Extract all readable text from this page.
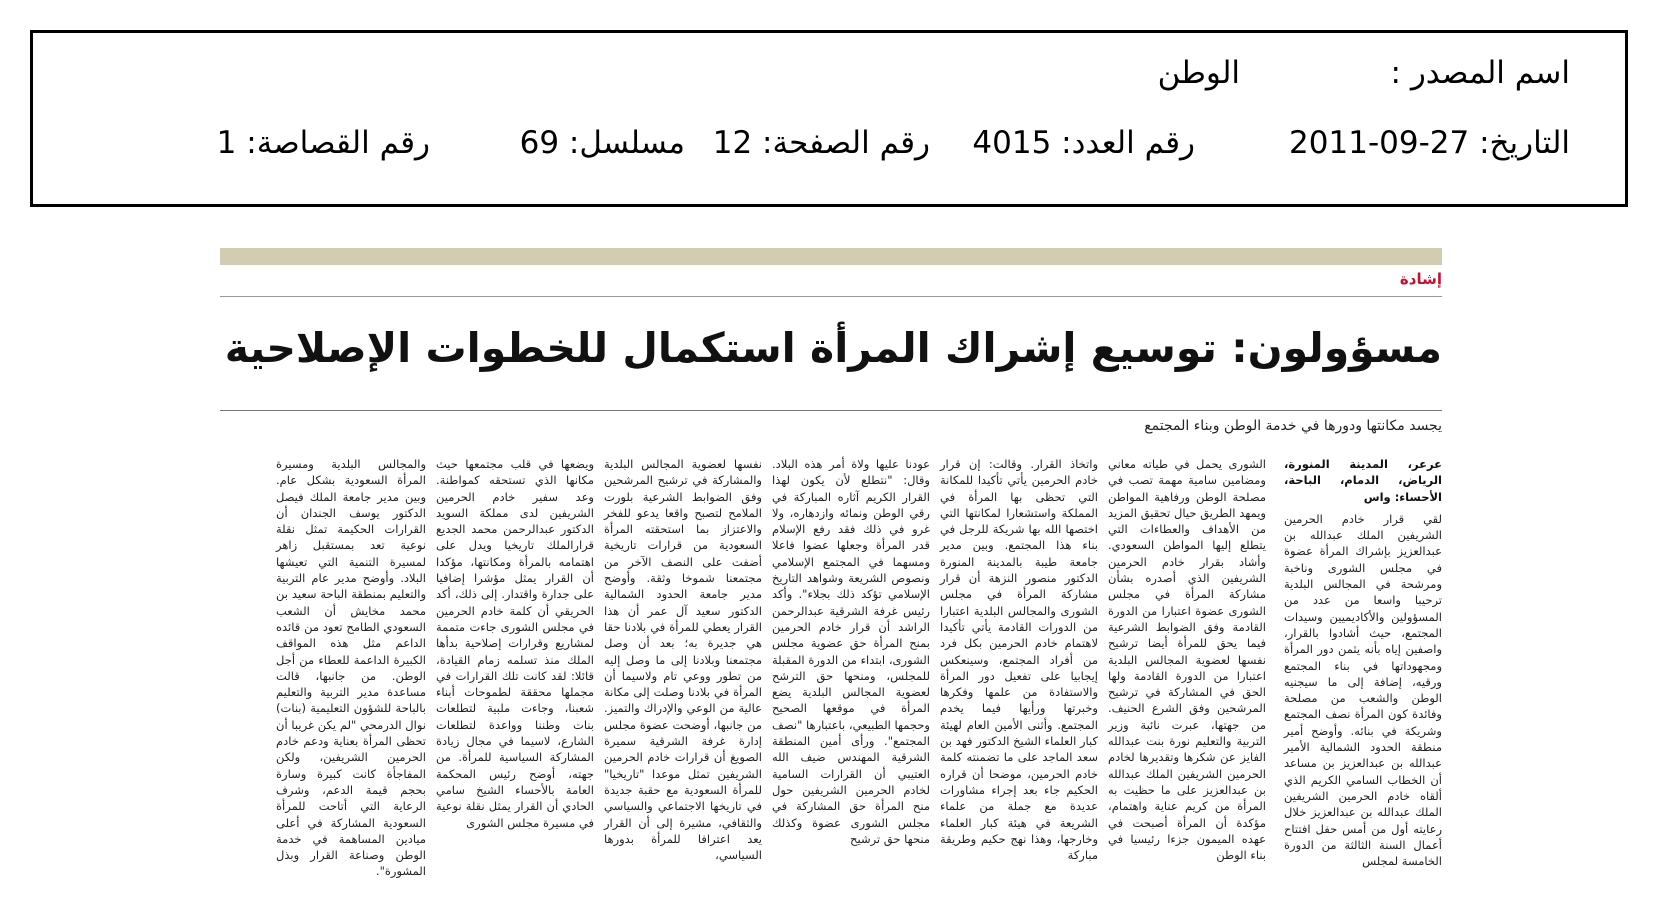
اسم المصدر :
الوطن
التاريخ: 27-09-2011
رقم العدد: 4015
رقم الصفحة: 12
مسلسل: 69
رقم القصاصة: 1
إشادة
مسؤولون: توسيع إشراك المرأة استكمال للخطوات الإصلاحية
يجسد مكانتها ودورها في خدمة الوطن وبناء المجتمع
عرعر، المدينة المنورة، الرياض، الدمام، الباحة، الأحساء: واس
لقي قرار خادم الحرمين الشريفين الملك عبدالله بن عبدالعزيز بإشراك المرأة عضوة في مجلس الشورى وناخبة ومرشحة في المجالس البلدية ترحيبا واسعا من عدد من المسؤولين والأكاديميين وسيدات المجتمع، حيث أشادوا بالقرار، واصفين إياه بأنه يثمن دور المرأة ومجهوداتها في بناء المجتمع ورقيه، إضافة إلى ما سيجنيه الوطن والشعب من مصلحة وفائدة كون المرأة نصف المجتمع وشريكة في بنائه. وأوضح أمير منطقة الحدود الشمالية الأمير عبدالله بن عبدالعزيز بن مساعد أن الخطاب السامي الكريم الذي ألقاه خادم الحرمين الشريفين الملك عبدالله بن عبدالعزيز خلال رعايته أول من أمس حفل افتتاح أعمال السنة الثالثة من الدورة الخامسة لمجلس
الشورى يحمل في طياته معاني ومضامين سامية مهمة تصب في مصلحة الوطن ورفاهية المواطن ويمهد الطريق حيال تحقيق المزيد من الأهداف والعطاءات التي يتطلع إليها المواطن السعودي. وأشاد بقرار خادم الحرمين الشريفين الذي أصدره بشأن مشاركة المرأة في مجلس الشورى عضوة اعتبارا من الدورة القادمة وفق الضوابط الشرعية فيما يحق للمرأة أيضا ترشيح نفسها لعضوية المجالس البلدية اعتبارا من الدورة القادمة ولها الحق في المشاركة في ترشيح المرشحين وفق الشرع الحنيف. من جهتها، عبرت نائبة وزير التربية والتعليم نورة بنت عبدالله الفايز عن شكرها وتقديرها لخادم الحرمين الشريفين الملك عبدالله بن عبدالعزيز على ما حظيت به المرأة من كريم عناية واهتمام، مؤكدة أن المرأة أصبحت في عهده الميمون جزءا رئيسيا في بناء الوطن
واتخاذ القرار. وقالت: إن قرار خادم الحرمين يأتي تأكيدا للمكانة التي تحظى بها المرأة في المملكة واستشعارا لمكانتها التي اختصها الله بها شريكة للرجل في بناء هذا المجتمع. وبين مدير جامعة طيبة بالمدينة المنورة الدكتور منصور النزهة أن قرار مشاركة المرأة في مجلس الشورى والمجالس البلدية اعتبارا من الدورات القادمة يأتي تأكيدا لاهتمام خادم الحرمين بكل فرد من أفراد المجتمع، وسينعكس إيجابيا على تفعيل دور المرأة والاستفادة من علمها وفكرها وخبرتها ورأيها فيما يخدم المجتمع. وأثنى الأمين العام لهيئة كبار العلماء الشيخ الدكتور فهد بن سعد الماجد على ما تضمنته كلمة خادم الحرمين، موضحا أن قراره الحكيم جاء بعد إجراء مشاورات عديدة مع جملة من علماء الشريعة في هيئة كبار العلماء وخارجها، وهذا نهج حكيم وطريقة مباركة
عودنا عليها ولاة أمر هذه البلاد. وقال: "نتطلع لأن يكون لهذا القرار الكريم آثاره المباركة في رقي الوطن ونمائه وازدهاره، ولا غرو في ذلك فقد رفع الإسلام قدر المرأة وجعلها عضوا فاعلا ومسهما في المجتمع الإسلامي ونصوص الشريعة وشواهد التاريخ الإسلامي تؤكد ذلك بجلاء". وأكد رئيس غرفة الشرقية عبدالرحمن الراشد أن قرار خادم الحرمين بمنح المرأة حق عضوية مجلس الشورى، ابتداء من الدورة المقبلة للمجلس، ومنحها حق الترشح لعضوية المجالس البلدية يضع المرأة في موقعها الصحيح وحجمها الطبيعي، باعتبارها "نصف المجتمع". ورأى أمين المنطقة الشرقية المهندس ضيف الله العتيبي أن القرارات السامية لخادم الحرمين الشريفين حول منح المرأة حق المشاركة في مجلس الشورى عضوة وكذلك منحها حق ترشيح
نفسها لعضوية المجالس البلدية والمشاركة في ترشيح المرشحين وفق الضوابط الشرعية بلورت الملامح لتصبح واقعا يدعو للفخر والاعتزاز بما استحقته المرأة السعودية من قرارات تاريخية أضفت على النصف الآخر من مجتمعنا شموخا وثقة. وأوضح مدير جامعة الحدود الشمالية الدكتور سعيد آل عمر أن هذا القرار يعطي للمرأة في بلادنا حقا هي جديرة به؛ بعد أن وصل مجتمعنا وبلادنا إلى ما وصل إليه من تطور ووعي تام ولاسيما أن المرأة في بلادنا وصلت إلى مكانة عالية من الوعي والإدراك والتميز. من جانبها، أوضحت عضوة مجلس إدارة غرفة الشرقية سميرة الصويغ أن قرارات خادم الحرمين الشريفين تمثل موعدا "تاريخيا" للمرأة السعودية مع حقبة جديدة في تاريخها الاجتماعي والسياسي والثقافي، مشيرة إلى أن القرار يعد اعترافا للمرأة بدورها السياسي،
ويضعها في قلب مجتمعها حيث مكانها الذي تستحقه كمواطنة. وعد سفير خادم الحرمين الشريفين لدى مملكة السويد الدكتور عبدالرحمن محمد الجديع قرارالملك تاريخيا ويدل على اهتمامه بالمرأة ومكانتها، مؤكدا أن القرار يمثل مؤشرا إضافيا على جدارة واقتدار. إلى ذلك، أكد الحريقي أن كلمة خادم الحرمين في مجلس الشورى جاءت متممة لمشاريع وقرارات إصلاحية بدأها الملك منذ تسلمه زمام القيادة، قائلا: لقد كانت تلك القرارات في مجملها محققة لطموحات أبناء شعبنا، وجاءت ملبية لتطلعات بنات وطننا وواعدة لتطلعات الشارع، لاسيما في مجال زيادة المشاركة السياسية للمرأة. من جهته، أوضح رئيس المحكمة العامة بالأحساء الشيخ سامي الحادي أن القرار يمثل نقلة نوعية في مسيرة مجلس الشورى
والمجالس البلدية ومسيرة المرأة السعودية بشكل عام. وبين مدير جامعة الملك فيصل الدكتور يوسف الجندان أن القرارات الحكيمة تمثل نقلة نوعية تعد بمستقبل زاهر لمسيرة التنمية التي تعيشها البلاد. وأوضح مدير عام التربية والتعليم بمنطقة الباحة سعيد بن محمد مخايش أن الشعب السعودي الطامح تعود من قائده الداعم مثل هذه المواقف الكبيرة الداعمة للعطاء من أجل الوطن. من جانبها، قالت مساعدة مدير التربية والتعليم بالباحة للشؤون التعليمية (بنات) نوال الدرمحي "لم يكن غريبا أن تحظى المرأة بعناية ودعم خادم الحرمين الشريفين، ولكن المفاجأة كانت كبيرة وسارة بحجم قيمة الدعم، وشرف الرعاية التي أتاحت للمرأة السعودية المشاركة في أعلى ميادين المساهمة في خدمة الوطن وصناعة القرار وبذل المشورة".
